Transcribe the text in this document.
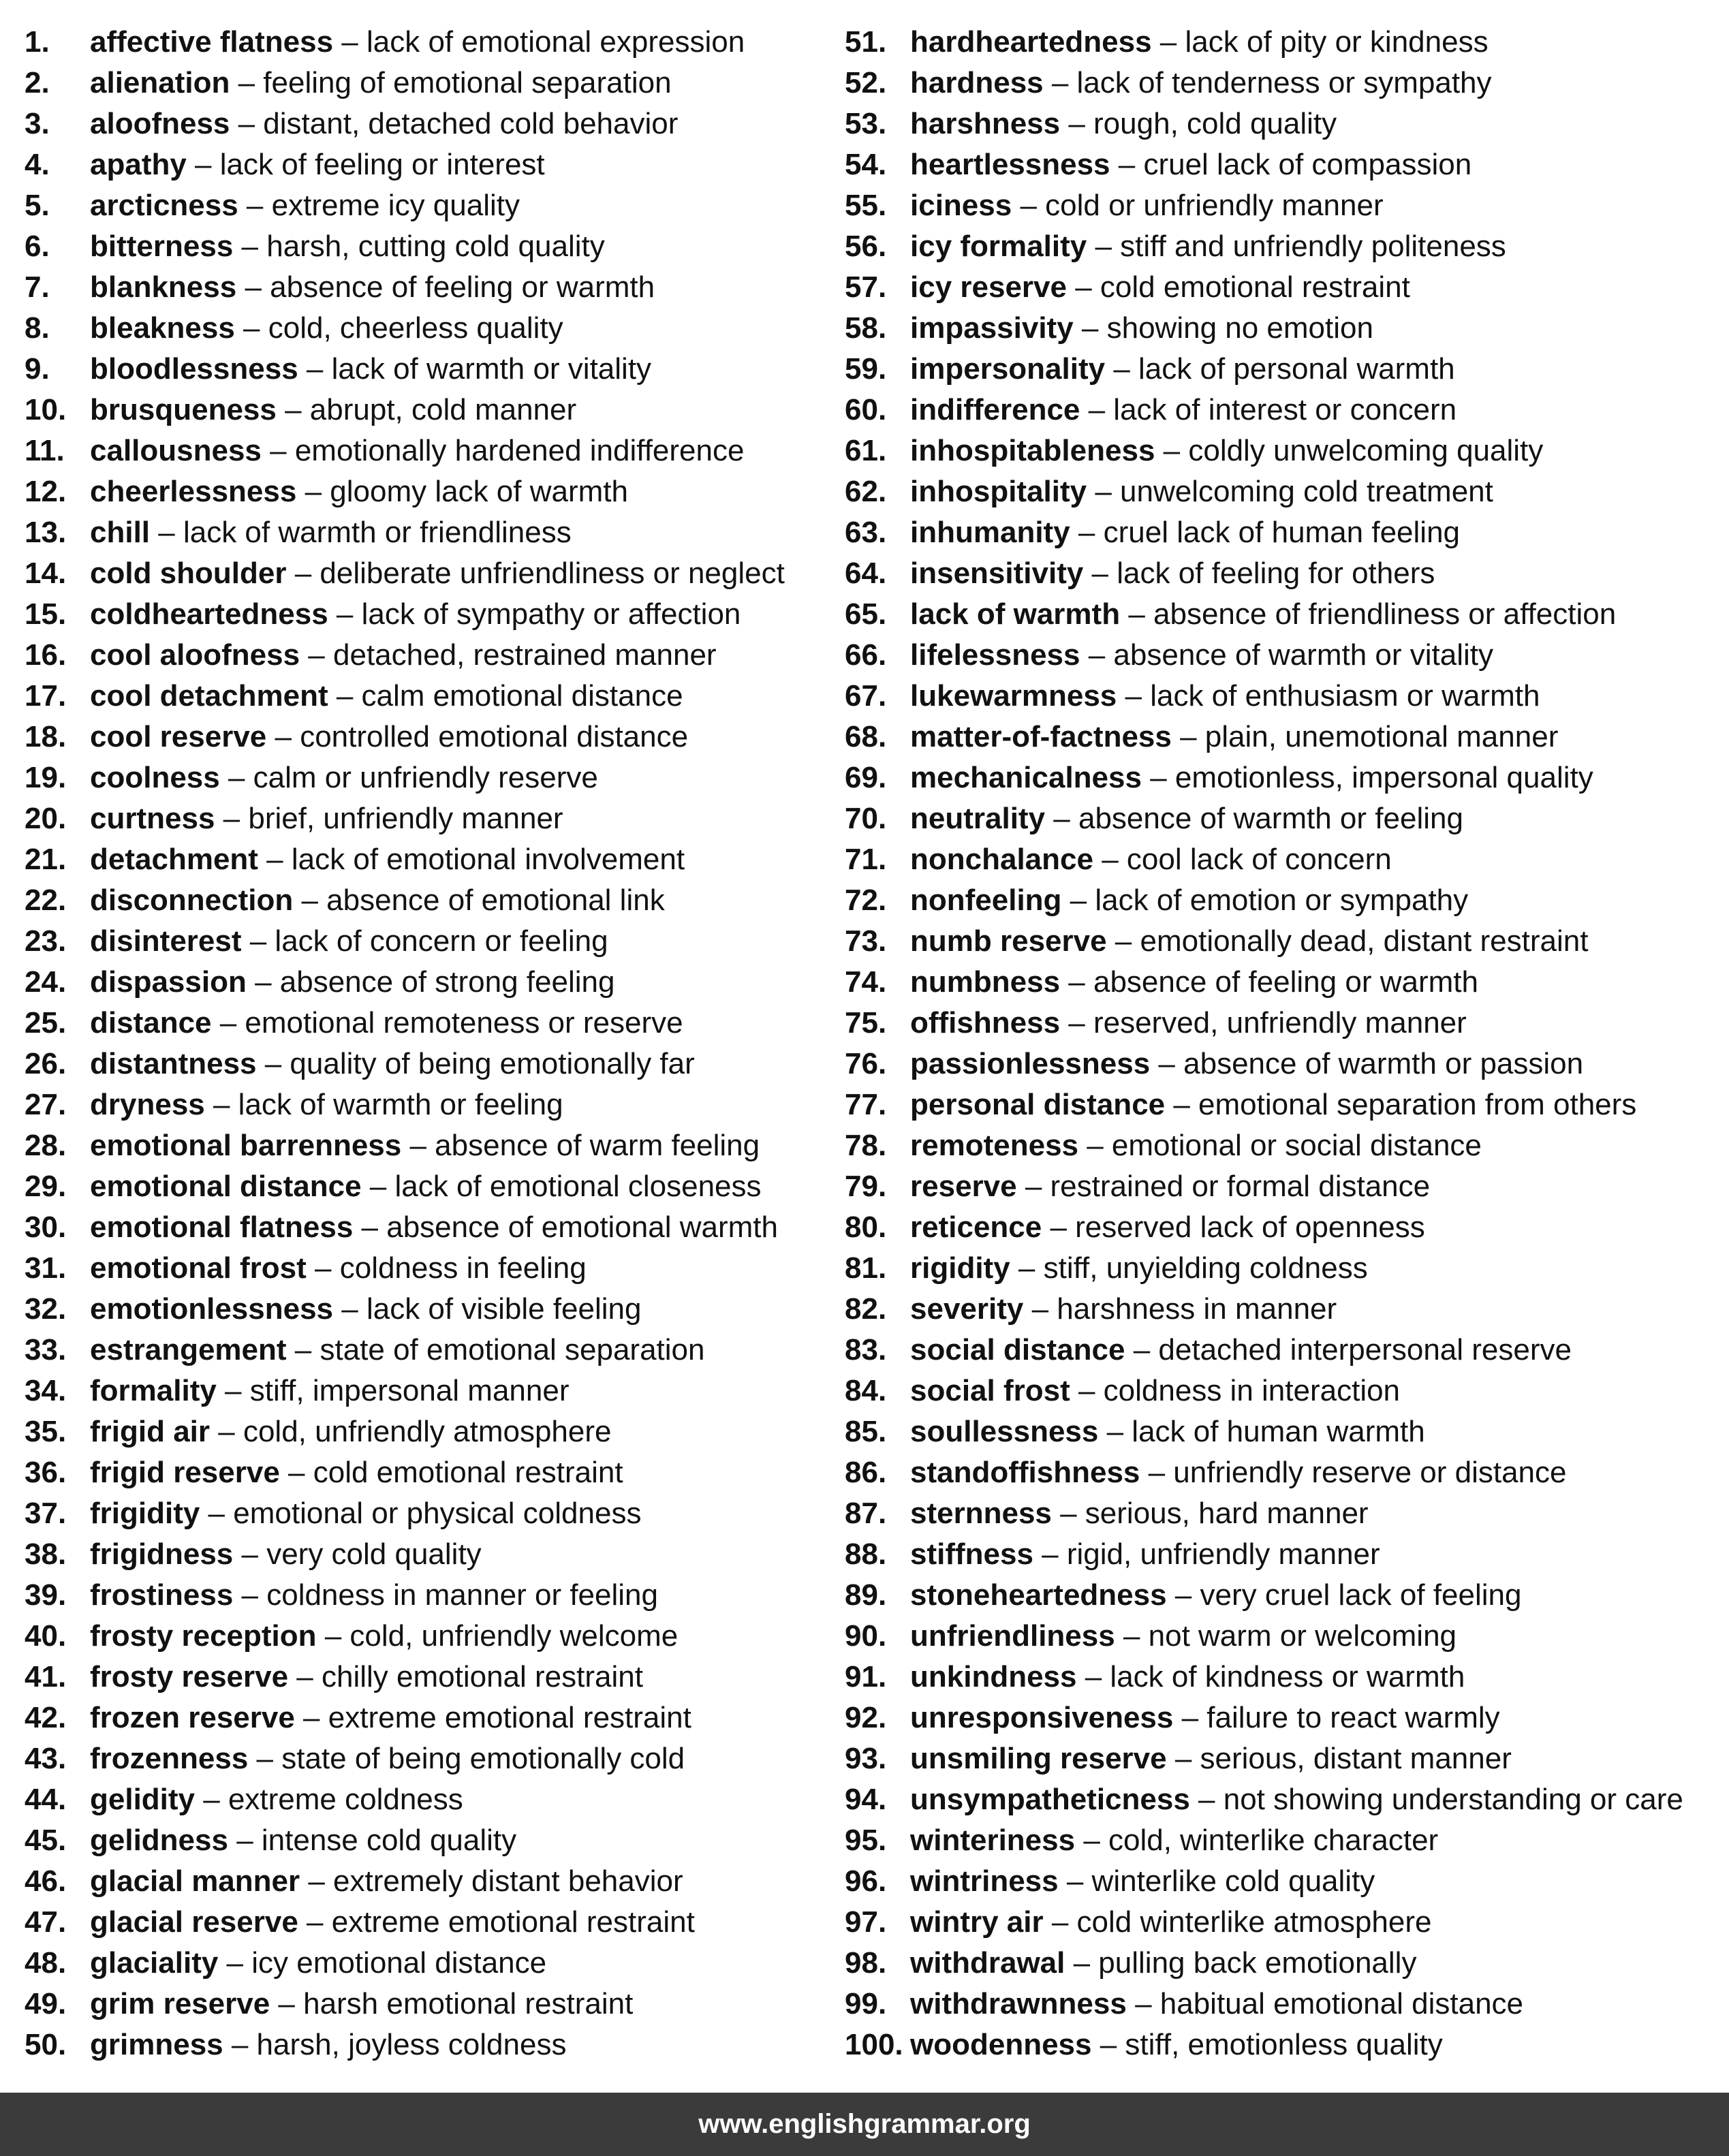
1. affective flatness – lack of emotional expression
2. alienation – feeling of emotional separation
3. aloofness – distant, detached cold behavior
4. apathy – lack of feeling or interest
5. arcticness – extreme icy quality
6. bitterness – harsh, cutting cold quality
7. blankness – absence of feeling or warmth
8. bleakness – cold, cheerless quality
9. bloodlessness – lack of warmth or vitality
10. brusqueness – abrupt, cold manner
11. callousness – emotionally hardened indifference
12. cheerlessness – gloomy lack of warmth
13. chill – lack of warmth or friendliness
14. cold shoulder – deliberate unfriendliness or neglect
15. coldheartedness – lack of sympathy or affection
16. cool aloofness – detached, restrained manner
17. cool detachment – calm emotional distance
18. cool reserve – controlled emotional distance
19. coolness – calm or unfriendly reserve
20. curtness – brief, unfriendly manner
21. detachment – lack of emotional involvement
22. disconnection – absence of emotional link
23. disinterest – lack of concern or feeling
24. dispassion – absence of strong feeling
25. distance – emotional remoteness or reserve
26. distantness – quality of being emotionally far
27. dryness – lack of warmth or feeling
28. emotional barrenness – absence of warm feeling
29. emotional distance – lack of emotional closeness
30. emotional flatness – absence of emotional warmth
31. emotional frost – coldness in feeling
32. emotionlessness – lack of visible feeling
33. estrangement – state of emotional separation
34. formality – stiff, impersonal manner
35. frigid air – cold, unfriendly atmosphere
36. frigid reserve – cold emotional restraint
37. frigidity – emotional or physical coldness
38. frigidness – very cold quality
39. frostiness – coldness in manner or feeling
40. frosty reception – cold, unfriendly welcome
41. frosty reserve – chilly emotional restraint
42. frozen reserve – extreme emotional restraint
43. frozenness – state of being emotionally cold
44. gelidity – extreme coldness
45. gelidness – intense cold quality
46. glacial manner – extremely distant behavior
47. glacial reserve – extreme emotional restraint
48. glaciality – icy emotional distance
49. grim reserve – harsh emotional restraint
50. grimness – harsh, joyless coldness
51. hardheartedness – lack of pity or kindness
52. hardness – lack of tenderness or sympathy
53. harshness – rough, cold quality
54. heartlessness – cruel lack of compassion
55. iciness – cold or unfriendly manner
56. icy formality – stiff and unfriendly politeness
57. icy reserve – cold emotional restraint
58. impassivity – showing no emotion
59. impersonality – lack of personal warmth
60. indifference – lack of interest or concern
61. inhospitableness – coldly unwelcoming quality
62. inhospitality – unwelcoming cold treatment
63. inhumanity – cruel lack of human feeling
64. insensitivity – lack of feeling for others
65. lack of warmth – absence of friendliness or affection
66. lifelessness – absence of warmth or vitality
67. lukewarmness – lack of enthusiasm or warmth
68. matter-of-factness – plain, unemotional manner
69. mechanicalness – emotionless, impersonal quality
70. neutrality – absence of warmth or feeling
71. nonchalance – cool lack of concern
72. nonfeeling – lack of emotion or sympathy
73. numb reserve – emotionally dead, distant restraint
74. numbness – absence of feeling or warmth
75. offishness – reserved, unfriendly manner
76. passionlessness – absence of warmth or passion
77. personal distance – emotional separation from others
78. remoteness – emotional or social distance
79. reserve – restrained or formal distance
80. reticence – reserved lack of openness
81. rigidity – stiff, unyielding coldness
82. severity – harshness in manner
83. social distance – detached interpersonal reserve
84. social frost – coldness in interaction
85. soullessness – lack of human warmth
86. standoffishness – unfriendly reserve or distance
87. sternness – serious, hard manner
88. stiffness – rigid, unfriendly manner
89. stoneheartedness – very cruel lack of feeling
90. unfriendliness – not warm or welcoming
91. unkindness – lack of kindness or warmth
92. unresponsiveness – failure to react warmly
93. unsmiling reserve – serious, distant manner
94. unsympatheticness – not showing understanding or care
95. winteriness – cold, winterlike character
96. wintriness – winterlike cold quality
97. wintry air – cold winterlike atmosphere
98. withdrawal – pulling back emotionally
99. withdrawnness – habitual emotional distance
100. woodenness – stiff, emotionless quality
www.englishgrammar.org
